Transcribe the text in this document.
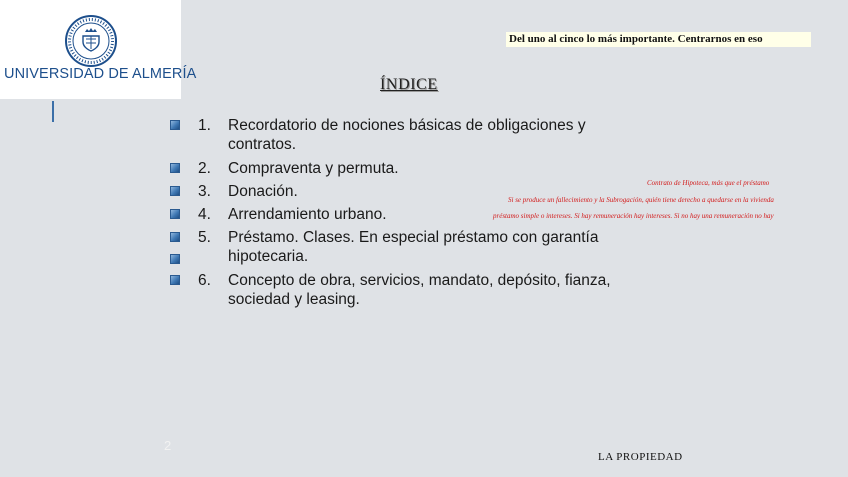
UNIVERSIDAD DE ALMERÍA
Del uno al cinco lo más importante. Centrarnos en eso
ÍNDICE
1. Recordatorio de nociones básicas de obligaciones y contratos.
2. Compraventa y permuta.
3. Donación.
4. Arrendamiento urbano.
5. Préstamo. Clases. En especial préstamo con garantía hipotecaria.
6. Concepto de obra, servicios, mandato, depósito, fianza, sociedad y leasing.
Contrato de Hipoteca, más que el préstamo
Si se produce un fallecimiento y la Subrogación, quién tiene derecho a quedarse en la vivienda
préstamo simple o intereses. Si hay remuneración hay intereses. Si no hay una remuneración no hay
2
LA PROPIEDAD
